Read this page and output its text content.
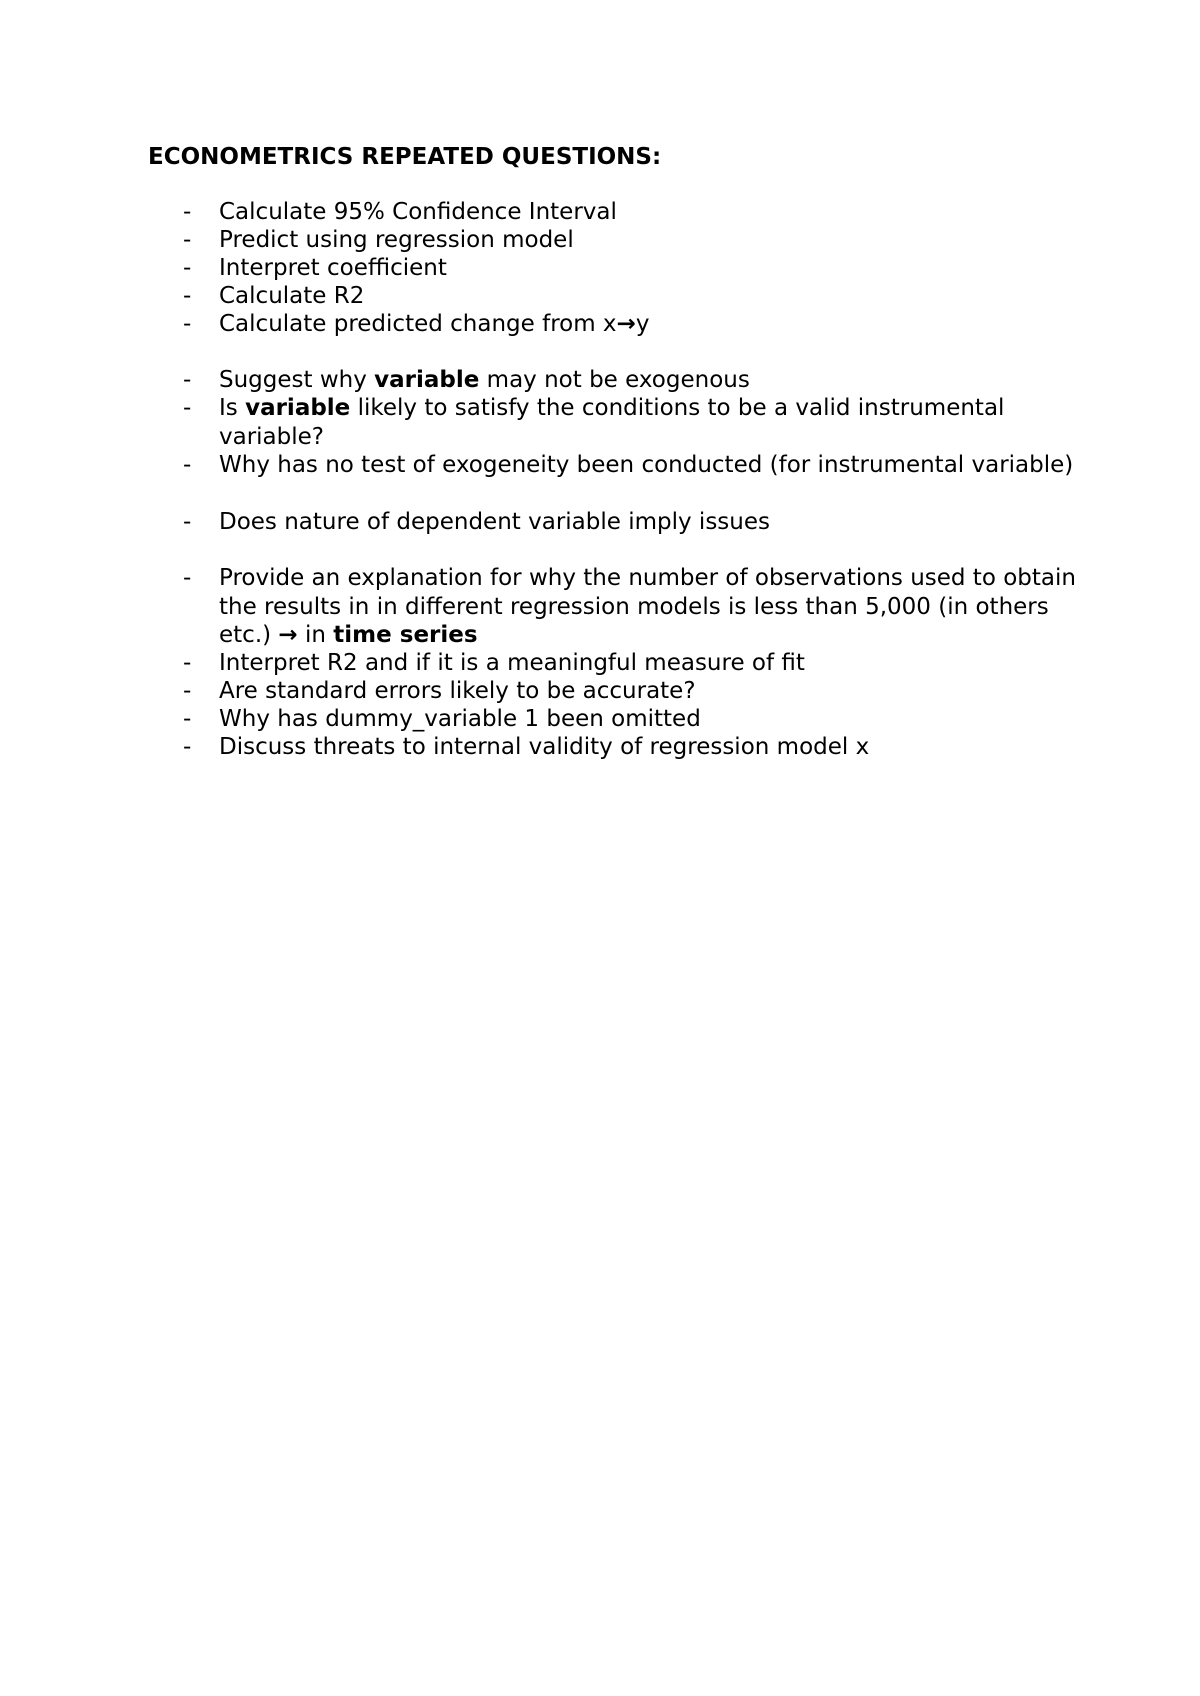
ECONOMETRICS REPEATED QUESTIONS:
- Calculate 95% Confidence Interval
- Predict using regression model
- Interpret coefficient
- Calculate R2
- Calculate predicted change from x→y
- Suggest why variable may not be exogenous
- Is variable likely to satisfy the conditions to be a valid instrumental variable?
- Why has no test of exogeneity been conducted (for instrumental variable)
- Does nature of dependent variable imply issues
- Provide an explanation for why the number of observations used to obtain the results in in different regression models is less than 5,000 (in others etc.) → in time series
- Interpret R2 and if it is a meaningful measure of fit
- Are standard errors likely to be accurate?
- Why has dummy_variable 1 been omitted
- Discuss threats to internal validity of regression model x
